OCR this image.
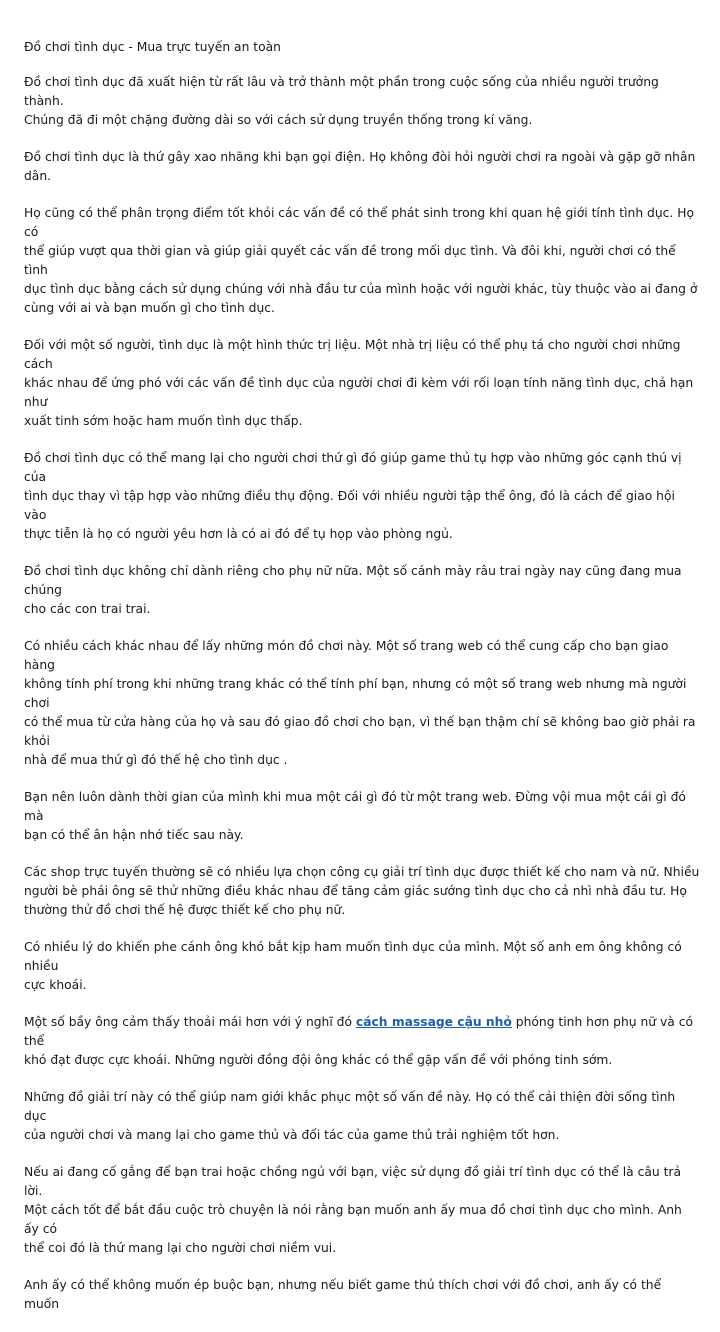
Đồ chơi tình dục - Mua trực tuyến an toàn

Đồ chơi tình dục đã xuất hiện từ rất lâu và trở thành một phần trong cuộc sống của nhiều người trưởng thành.
Chúng đã đi một chặng đường dài so với cách sử dụng truyền thống trong kí văng.

Đồ chơi tình dục là thứ gây xao nhãng khi bạn gọi điện. Họ không đòi hỏi người chơi ra ngoài và gặp gỡ nhân
dân.

Họ cũng có thể phân trọng điểm tốt khỏi các vấn đề có thể phát sinh trong khi quan hệ giới tính tình dục. Họ có
thể giúp vượt qua thời gian và giúp giải quyết các vấn đề trong mối dục tình. Và đôi khi, người chơi có thể tình
dục tình dục bằng cách sử dụng chúng với nhà đầu tư của mình hoặc với người khác, tùy thuộc vào ai đang ở
cùng với ai và bạn muốn gì cho tình dục.

Đối với một số người, tình dục là một hình thức trị liệu. Một nhà trị liệu có thể phụ tá cho người chơi những cách
khác nhau để ứng phó với các vấn đề tình dục của người chơi đi kèm với rối loạn tính năng tình dục, chả hạn như
xuất tinh sớm hoặc ham muốn tình dục thấp.

Đồ chơi tình dục có thể mang lại cho người chơi thứ gì đó giúp game thủ tụ hợp vào những góc cạnh thú vị của
tình dục thay vì tập hợp vào những điều thụ động. Đối với nhiều người tập thể ông, đó là cách để giao hội vào
thực tiễn là họ có người yêu hơn là có ai đó để tụ họp vào phòng ngủ.

Đồ chơi tình dục không chỉ dành riêng cho phụ nữ nữa. Một số cánh mày râu trai ngày nay cũng đang mua chúng
cho các con trai trai.

Có nhiều cách khác nhau để lấy những món đồ chơi này. Một số trang web có thể cung cấp cho bạn giao hàng
không tính phí trong khi những trang khác có thể tính phí bạn, nhưng có một số trang web nhưng mà người chơi
có thể mua từ cửa hàng của họ và sau đó giao đồ chơi cho bạn, vì thế bạn thậm chí sẽ không bao giờ phải ra khỏi
nhà để mua thứ gì đó thế hệ cho tình dục .

Bạn nên luôn dành thời gian của mình khi mua một cái gì đó từ một trang web. Đừng vội mua một cái gì đó mà
bạn có thể ân hận nhớ tiếc sau này.

Các shop trực tuyến thường sẽ có nhiều lựa chọn công cụ giải trí tình dục được thiết kế cho nam và nữ. Nhiều
người bè phái ông sẽ thử những điều khác nhau để tăng cảm giác sướng tình dục cho cả nhì nhà đầu tư. Họ
thường thử đồ chơi thế hệ được thiết kế cho phụ nữ.

Có nhiều lý do khiến phe cánh ông khó bắt kịp ham muốn tình dục của mình. Một số anh em ông không có nhiều
cực khoái.

Một số bầy ông cảm thấy thoải mái hơn với ý nghĩ đó cách massage cậu nhỏ phóng tinh hơn phụ nữ và có thể
khó đạt được cực khoái. Những người đồng đội ông khác có thể gặp vấn đề với phóng tinh sớm.

Những đồ giải trí này có thể giúp nam giới khắc phục một số vấn đề này. Họ có thể cải thiện đời sống tình dục
của người chơi và mang lại cho game thủ và đối tác của game thủ trải nghiệm tốt hơn.

Nếu ai đang cố gắng để bạn trai hoặc chồng ngủ với bạn, việc sử dụng đồ giải trí tình dục có thể là câu trả lời.
Một cách tốt để bắt đầu cuộc trò chuyện là nói rằng bạn muốn anh ấy mua đồ chơi tình dục cho mình. Anh ấy có
thể coi đó là thứ mang lại cho người chơi niềm vui.

Anh ấy có thể không muốn ép buộc bạn, nhưng nếu biết game thủ thích chơi với đồ chơi, anh ấy có thể muốn
